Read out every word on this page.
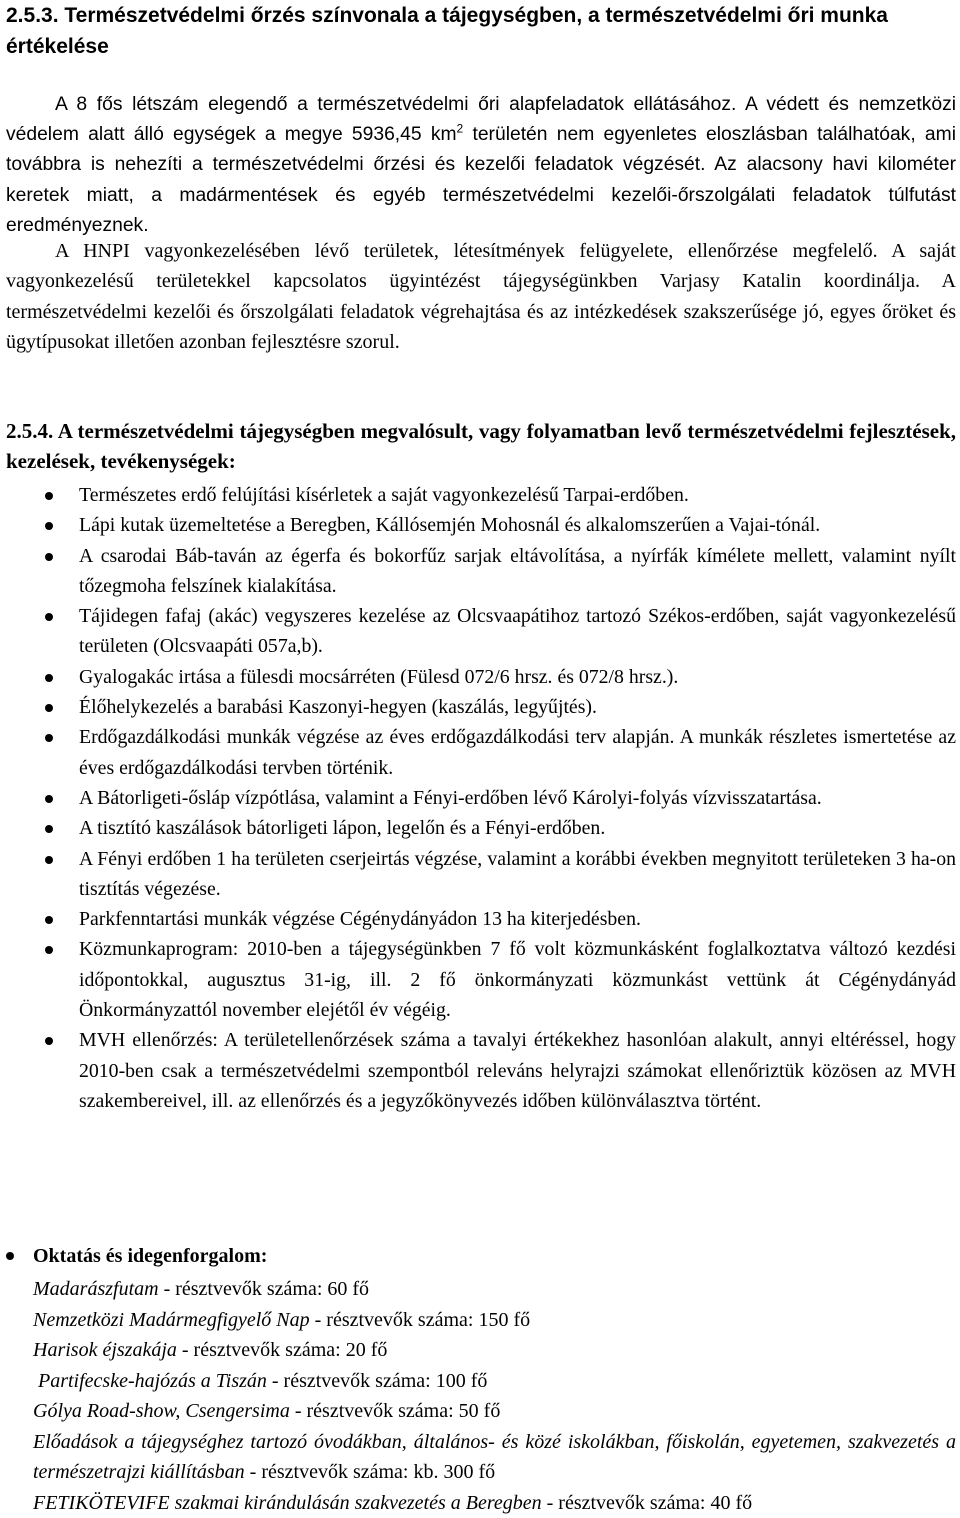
2.5.3. Természetvédelmi őrzés színvonala a tájegységben, a természetvédelmi őri munka értékelése
A 8 fős létszám elegendő a természetvédelmi őri alapfeladatok ellátásához. A védett és nemzetközi védelem alatt álló egységek a megye 5936,45 $km^2$ területén nem egyenletes eloszlásban találhatóak, ami továbbra is nehezíti a természetvédelmi őrzési és kezelői feladatok végzését. Az alacsony havi kilométer keretek miatt, a madármentések és egyéb természetvédelmi kezelői-őrszolgálati feladatok túlfutást eredményeznek.
A HNPI vagyonkezelésében lévő területek, létesítmények felügyelete, ellenőrzése megfelelő. A saját vagyonkezelésű területekkel kapcsolatos ügyintézést tájegységünkben Varjasy Katalin koordinálja. A természetvédelmi kezelői és őrszolgálati feladatok végrehajtása és az intézkedések szakszerűsége jó, egyes őröket és ügytípusokat illetően azonban fejlesztésre szorul.
2.5.4. A természetvédelmi tájegységben megvalósult, vagy folyamatban levő természetvédelmi fejlesztések, kezelések, tevékenységek:
Természetes erdő felújítási kísérletek a saját vagyonkezelésű Tarpai-erdőben.
Lápi kutak üzemeltetése a Beregben, Kállósemjén Mohosnál és alkalomszerűen a Vajai-tónál.
A csarodai Báb-taván az égerfa és bokorfűz sarjak eltávolítása, a nyírfák kímélete mellett, valamint nyílt tőzegmoha felszínek kialakítása.
Tájidegen fafaj (akác) vegyszeres kezelése az Olcsvaapátihoz tartozó Székos-erdőben, saját vagyonkezelésű területen (Olcsvaapáti 057a,b).
Gyalogakác irtása a fülesdi mocsárréten (Fülesd 072/6 hrsz. és 072/8 hrsz.).
Élőhelykezelés a barabási Kaszonyi-hegyen (kaszálás, legyűjtés).
Erdőgazdálkodási munkák végzése az éves erdőgazdálkodási terv alapján. A munkák részletes ismertetése az éves erdőgazdálkodási tervben történik.
A Bátorligeti-ősláp vízpótlása, valamint a Fényi-erdőben lévő Károlyi-folyás vízvisszatartása.
A tisztító kaszálások bátorligeti lápon, legelőn és a Fényi-erdőben.
A Fényi erdőben 1 ha területen cserjeirtás végzése, valamint a korábbi években megnyitott területeken 3 ha-on tisztítás végezése.
Parkfenntartási munkák végzése Cégénydányádon 13 ha kiterjedésben.
Közmunkaprogram: 2010-ben a tájegységünkben 7 fő volt közmunkásként foglalkoztatva változó kezdési időpontokkal, augusztus 31-ig, ill. 2 fő önkormányzati közmunkást vettünk át Cégénydányád Önkormányzattól november elejétől év végéig.
MVH ellenőrzés: A területellenőrzések száma a tavalyi értékekhez hasonlóan alakult, annyi eltéréssel, hogy 2010-ben csak a természetvédelmi szempontból releváns helyrajzi számokat ellenőriztük közösen az MVH szakembereivel, ill. az ellenőrzés és a jegyzőkönyvezés időben különválasztva történt.
Oktatás és idegenforgalom:
Madarászfutam - résztvevők száma: 60 fő
Nemzetközi Madármegfigyelő Nap - résztvevők száma: 150 fő
Harisok éjszakája - résztvevők száma: 20 fő
Partifecske-hajózás a Tiszán - résztvevők száma: 100 fő
Gólya Road-show, Csengersima - résztvevők száma: 50 fő
Előadások a tájegységhez tartozó óvodákban, általános- és közé iskolákban, főiskolán, egyetemen, szakvezetés a természetrajzi kiállításban - résztvevők száma: kb. 300 fő
FETIKÖTEVIFE szakmai kirándulásán szakvezetés a Beregben - résztvevők száma: 40 fő
